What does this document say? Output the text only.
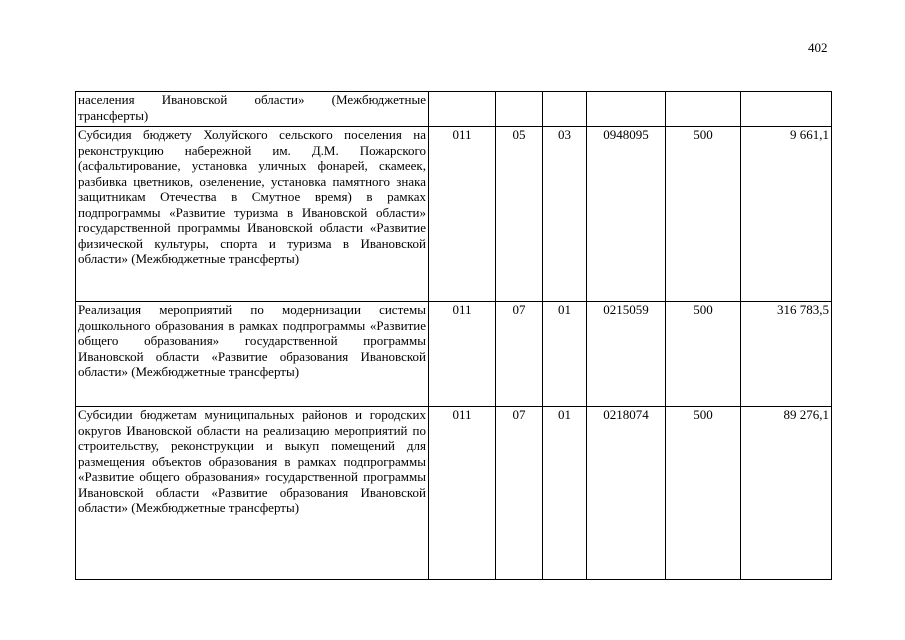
402
населения Ивановской области» (Межбюджетные трансферты)						
Субсидия бюджету Холуйского сельского поселения на реконструкцию набережной им. Д.М. Пожарского (асфальтирование, установка уличных фонарей, скамеек, разбивка цветников, озеленение, установка памятного знака защитникам Отечества в Смутное время) в рамках подпрограммы «Развитие туризма в Ивановской области» государственной программы Ивановской области «Развитие физической культуры, спорта и туризма в Ивановской области» (Межбюджетные трансферты)	011	05	03	0948095	500	9 661,1
Реализация мероприятий по модернизации системы дошкольного образования в рамках подпрограммы «Развитие общего образования» государственной программы Ивановской области «Развитие образования Ивановской области» (Межбюджетные трансферты)	011	07	01	0215059	500	316 783,5
Субсидии бюджетам муниципальных районов и городских округов Ивановской области на реализацию мероприятий по строительству, реконструкции и выкуп помещений для размещения объектов образования в рамках подпрограммы «Развитие общего образования» государственной программы Ивановской области «Развитие образования Ивановской области» (Межбюджетные трансферты)	011	07	01	0218074	500	89 276,1
